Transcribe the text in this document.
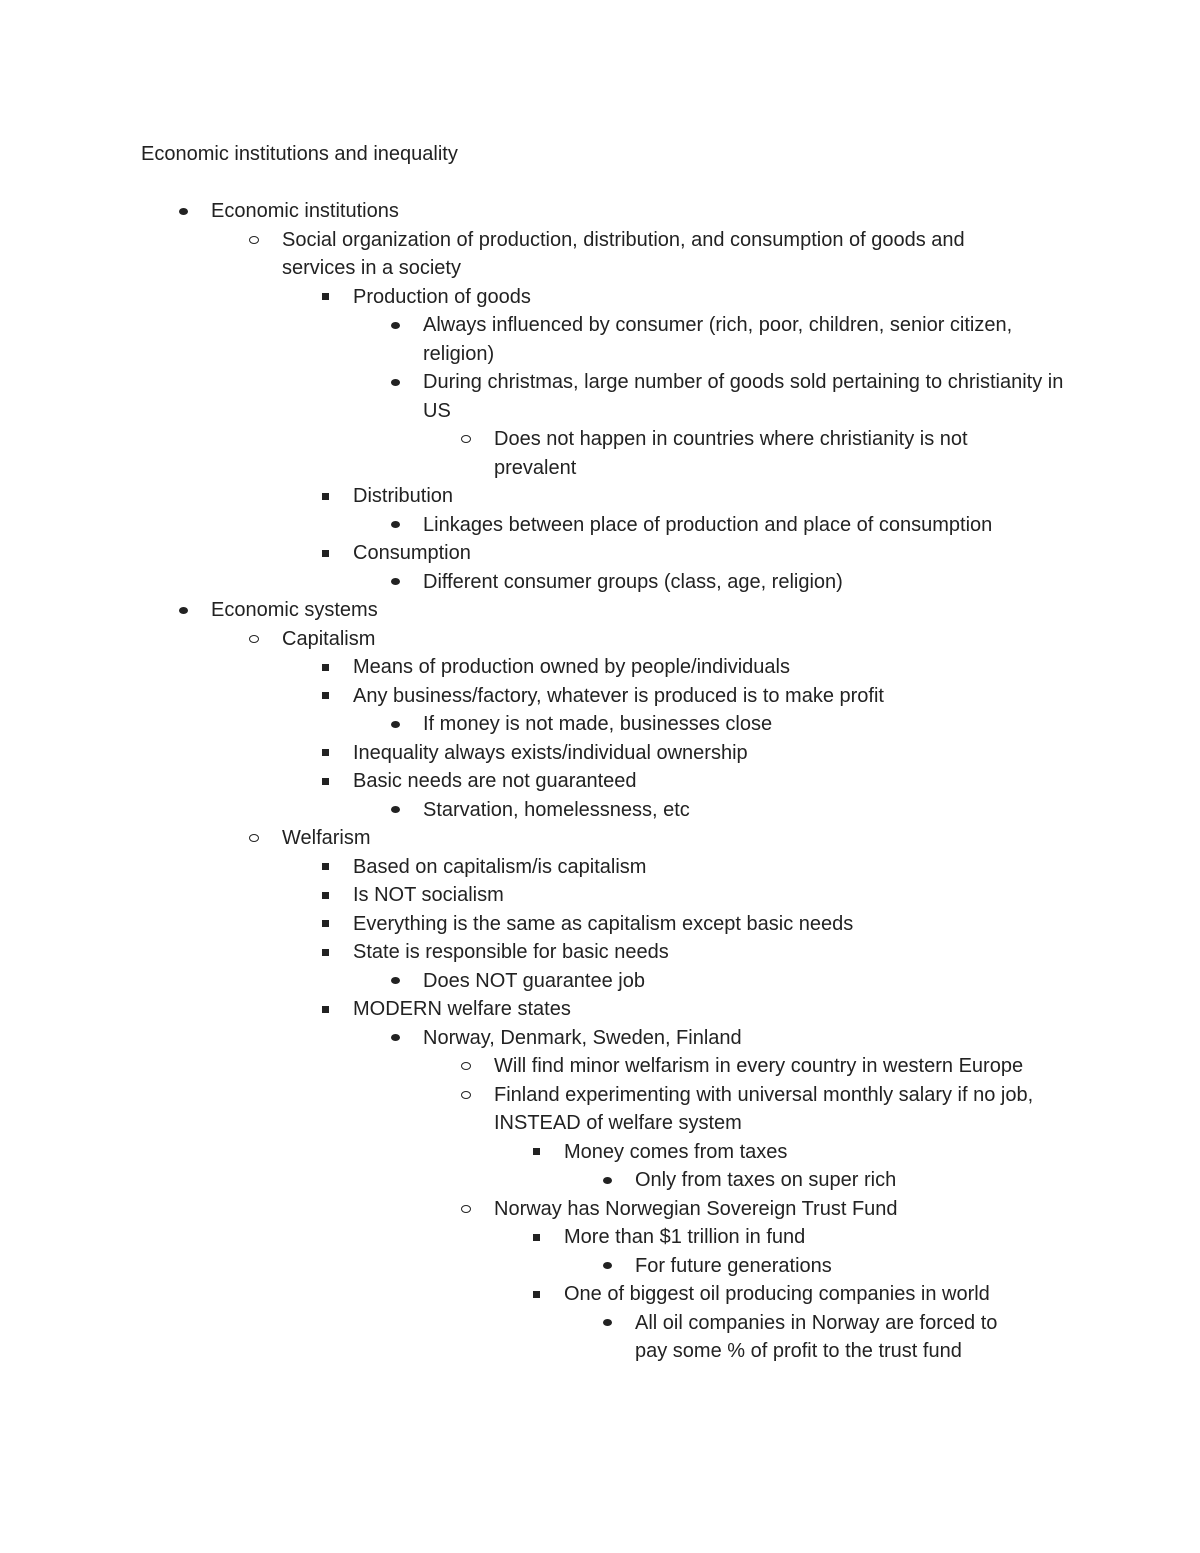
Economic institutions and inequality
Economic institutions
Social organization of production, distribution, and consumption of goods and services in a society
Production of goods
Always influenced by consumer (rich, poor, children, senior citizen, religion)
During christmas, large number of goods sold pertaining to christianity in US
Does not happen in countries where christianity is not prevalent
Distribution
Linkages between place of production and place of consumption
Consumption
Different consumer groups (class, age, religion)
Economic systems
Capitalism
Means of production owned by people/individuals
Any business/factory, whatever is produced is to make profit
If money is not made, businesses close
Inequality always exists/individual ownership
Basic needs are not guaranteed
Starvation, homelessness, etc
Welfarism
Based on capitalism/is capitalism
Is NOT socialism
Everything is the same as capitalism except basic needs
State is responsible for basic needs
Does NOT guarantee job
MODERN welfare states
Norway, Denmark, Sweden, Finland
Will find minor welfarism in every country in western Europe
Finland experimenting with universal monthly salary if no job, INSTEAD of welfare system
Money comes from taxes
Only from taxes on super rich
Norway has Norwegian Sovereign Trust Fund
More than $1 trillion in fund
For future generations
One of biggest oil producing companies in world
All oil companies in Norway are forced to pay some % of profit to the trust fund
